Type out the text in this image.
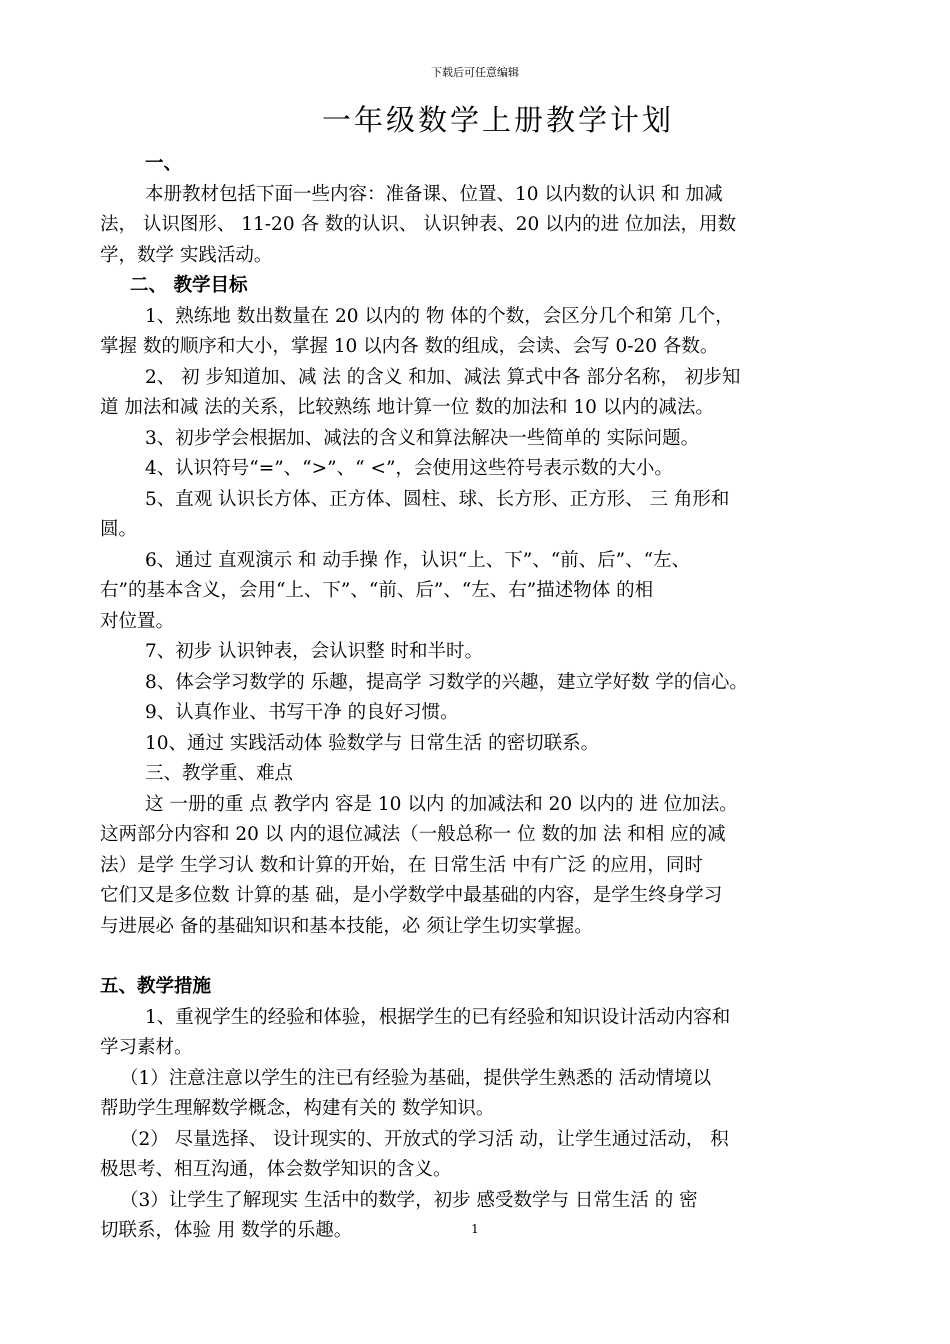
下载后可任意编辑
一年级数学上册教学计划

一、

本册教材包括下面一些内容：准备课、位置、10 以内数的认识 和 加减

法， 认识图形、 11-20 各 数的认识、 认识钟表、20 以内的进 位加法，用数

学，数学 实践活动。

二、 教学目标

1、熟练地 数出数量在 20 以内的 物 体的个数，会区分几个和第 几个，

掌握 数的顺序和大小，掌握 10 以内各 数的组成，会读、会写 0-20 各数。

2、 初 步知道加、减 法 的含义 和加、减法 算式中各 部分名称， 初步知

道 加法和减 法的关系，比较熟练 地计算一位 数的加法和 10 以内的减法。

3、初步学会根据加、减法的含义和算法解决一些简单的 实际问题。

4、认识符号“=”、“>”、“ <”，会使用这些符号表示数的大小。

5、直观 认识长方体、正方体、圆柱、球、长方形、正方形、 三 角形和

圆。

6、通过 直观演示 和 动手操 作，认识“上、下”、“前、后”、“左、

右”的基本含义，会用“上、下”、“前、后”、“左、右”描述物体 的相

对位置。

7、初步 认识钟表，会认识整 时和半时。

8、体会学习数学的 乐趣，提高学 习数学的兴趣，建立学好数 学的信心。

9、认真作业、书写干净 的良好习惯。

10、通过 实践活动体 验数学与 日常生活 的密切联系。

三、教学重、难点

这 一册的重 点 教学内 容是 10 以内 的加减法和 20 以内的 进 位加法。

这两部分内容和 20 以 内的退位减法（一般总称一 位 数的加 法 和相 应的减

法）是学 生学习认 数和计算的开始，在 日常生活 中有广泛 的应用，同时

它们又是多位数 计算的基 础，是小学数学中最基础的内容，是学生终身学习

与进展必 备的基础知识和基本技能，必 须让学生切实掌握。

五、教学措施

1、重视学生的经验和体验，根据学生的已有经验和知识设计活动内容和

学习素材。

（1）注意注意以学生的注已有经验为基础，提供学生熟悉的 活动情境以

帮助学生理解数学概念，构建有关的 数学知识。

（2） 尽量选择、 设计现实的、开放式的学习活 动，让学生通过活动， 积

极思考、相互沟通，体会数学知识的含义。

（3）让学生了解现实 生活中的数学，初步 感受数学与 日常生活 的 密

切联系，体验 用 数学的乐趣。	1
